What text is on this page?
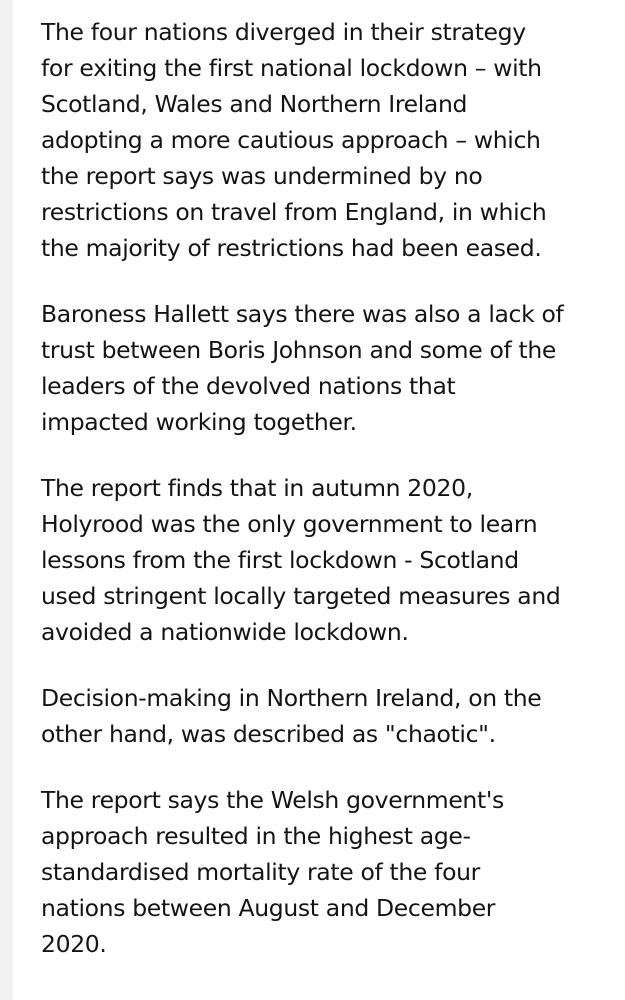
The four nations diverged in their strategy
for exiting the first national lockdown – with
Scotland, Wales and Northern Ireland
adopting a more cautious approach – which
the report says was undermined by no
restrictions on travel from England, in which
the majority of restrictions had been eased.

Baroness Hallett says there was also a lack of
trust between Boris Johnson and some of the
leaders of the devolved nations that
impacted working together.

The report finds that in autumn 2020,
Holyrood was the only government to learn
lessons from the first lockdown - Scotland
used stringent locally targeted measures and
avoided a nationwide lockdown.

Decision-making in Northern Ireland, on the
other hand, was described as "chaotic".

The report says the Welsh government's
approach resulted in the highest age-
standardised mortality rate of the four
nations between August and December
2020.
